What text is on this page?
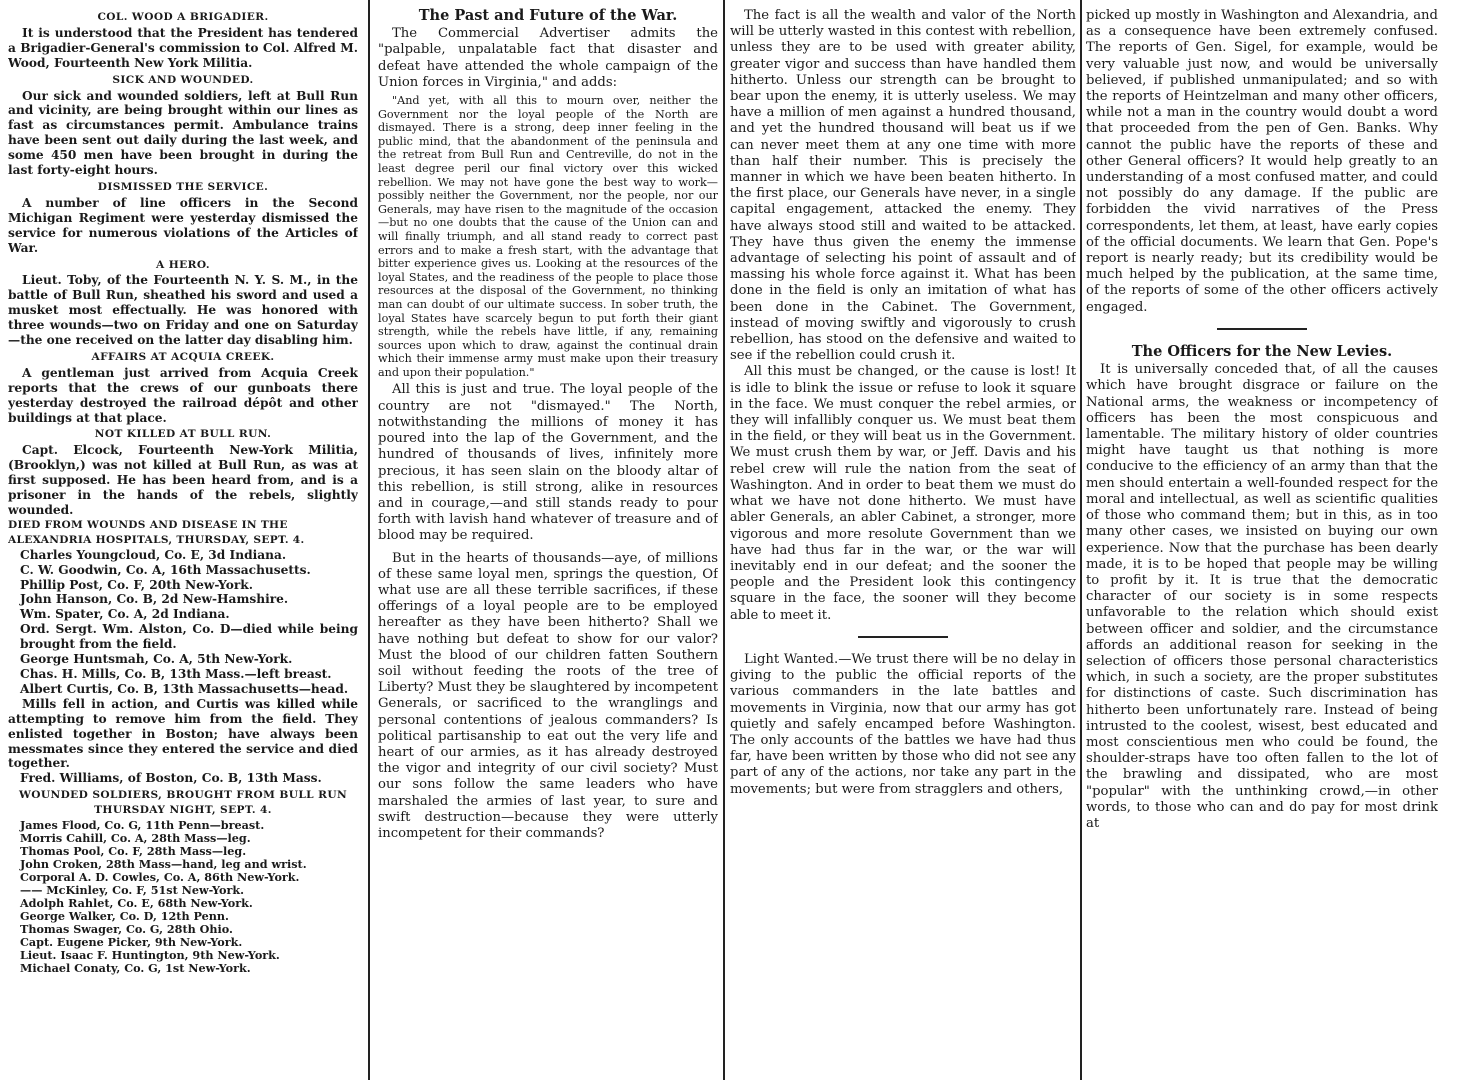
COL. WOOD A BRIGADIER.

It is understood that the President has tendered a Brigadier-General's commission to Col. Alfred M. Wood, Fourteenth New York Militia.

SICK AND WOUNDED.

Our sick and wounded soldiers, left at Bull Run and vicinity, are being brought within our lines as fast as circumstances permit. Ambulance trains have been sent out daily during the last week, and some 450 men have been brought in during the last forty-eight hours.

DISMISSED THE SERVICE.

A number of line officers in the Second Michigan Regiment were yesterday dismissed the service for numerous violations of the Articles of War.

A HERO.

Lieut. Toby, of the Fourteenth N. Y. S. M., in the battle of Bull Run, sheathed his sword and used a musket most effectually. He was honored with three wounds—two on Friday and one on Saturday—the one received on the latter day disabling him.

AFFAIRS AT ACQUIA CREEK.

A gentleman just arrived from Acquia Creek reports that the crews of our gunboats there yesterday destroyed the railroad dépôt and other buildings at that place.

NOT KILLED AT BULL RUN.

Capt. Elcock, Fourteenth New-York Militia, (Brooklyn,) was not killed at Bull Run, as was at first supposed. He has been heard from, and is a prisoner in the hands of the rebels, slightly wounded.

DIED FROM WOUNDS AND DISEASE IN THE ALEXANDRIA HOSPITALS, THURSDAY, SEPT. 4.

Charles Youngcloud, Co. E, 3d Indiana.

C. W. Goodwin, Co. A, 16th Massachusetts.

Phillip Post, Co. F, 20th New-York.

John Hanson, Co. B, 2d New-Hamshire.

Wm. Spater, Co. A, 2d Indiana.

Ord. Sergt. Wm. Alston, Co. D—died while being brought from the field.

George Huntsmah, Co. A, 5th New-York.

Chas. H. Mills, Co. B, 13th Mass.—left breast.

Albert Curtis, Co. B, 13th Massachusetts—head.

Mills fell in action, and Curtis was killed while attempting to remove him from the field. They enlisted together in Boston; have always been messmates since they entered the service and died together.

Fred. Williams, of Boston, Co. B, 13th Mass.

WOUNDED SOLDIERS, BROUGHT FROM BULL RUN THURSDAY NIGHT, SEPT. 4.

James Flood, Co. G, 11th Penn—breast.

Morris Cahill, Co. A, 28th Mass—leg.

Thomas Pool, Co. F, 28th Mass—leg.

John Croken, 28th Mass—hand, leg and wrist.

Corporal A. D. Cowles, Co. A, 86th New-York.

—— McKinley, Co. F, 51st New-York.

Adolph Rahlet, Co. E, 68th New-York.

George Walker, Co. D, 12th Penn.

Thomas Swager, Co. G, 28th Ohio.

Capt. Eugene Picker, 9th New-York.

Lieut. Isaac F. Huntington, 9th New-York.

Michael Conaty, Co. G, 1st New-York.

The Past and Future of the War.

The Commercial Advertiser admits the "palpable, unpalatable fact that disaster and defeat have attended the whole campaign of the Union forces in Virginia," and adds:

"And yet, with all this to mourn over, neither the Government nor the loyal people of the North are dismayed. There is a strong, deep inner feeling in the public mind, that the abandonment of the peninsula and the retreat from Bull Run and Centreville, do not in the least degree peril our final victory over this wicked rebellion. We may not have gone the best way to work—possibly neither the Government, nor the people, nor our Generals, may have risen to the magnitude of the occasion—but no one doubts that the cause of the Union can and will finally triumph, and all stand ready to correct past errors and to make a fresh start, with the advantage that bitter experience gives us. Looking at the resources of the loyal States, and the readiness of the people to place those resources at the disposal of the Government, no thinking man can doubt of our ultimate success. In sober truth, the loyal States have scarcely begun to put forth their giant strength, while the rebels have little, if any, remaining sources upon which to draw, against the continual drain which their immense army must make upon their treasury and upon their population."

All this is just and true. The loyal people of the country are not "dismayed." The North, notwithstanding the millions of money it has poured into the lap of the Government, and the hundred of thousands of lives, infinitely more precious, it has seen slain on the bloody altar of this rebellion, is still strong, alike in resources and in courage,—and still stands ready to pour forth with lavish hand whatever of treasure and of blood may be required.

But in the hearts of thousands—aye, of millions of these same loyal men, springs the question, Of what use are all these terrible sacrifices, if these offerings of a loyal people are to be employed hereafter as they have been hitherto? Shall we have nothing but defeat to show for our valor? Must the blood of our children fatten Southern soil without feeding the roots of the tree of Liberty? Must they be slaughtered by incompetent Generals, or sacrificed to the wranglings and personal contentions of jealous commanders? Is political partisanship to eat out the very life and heart of our armies, as it has already destroyed the vigor and integrity of our civil society? Must our sons follow the same leaders who have marshaled the armies of last year, to sure and swift destruction—because they were utterly incompetent for their commands?

The fact is all the wealth and valor of the North will be utterly wasted in this contest with rebellion, unless they are to be used with greater ability, greater vigor and success than have handled them hitherto. Unless our strength can be brought to bear upon the enemy, it is utterly useless. We may have a million of men against a hundred thousand, and yet the hundred thousand will beat us if we can never meet them at any one time with more than half their number. This is precisely the manner in which we have been beaten hitherto. In the first place, our Generals have never, in a single capital engagement, attacked the enemy. They have always stood still and waited to be attacked. They have thus given the enemy the immense advantage of selecting his point of assault and of massing his whole force against it. What has been done in the field is only an imitation of what has been done in the Cabinet. The Government, instead of moving swiftly and vigorously to crush rebellion, has stood on the defensive and waited to see if the rebellion could crush it.

All this must be changed, or the cause is lost! It is idle to blink the issue or refuse to look it square in the face. We must conquer the rebel armies, or they will infallibly conquer us. We must beat them in the field, or they will beat us in the Government. We must crush them by war, or Jeff. Davis and his rebel crew will rule the nation from the seat of Washington. And in order to beat them we must do what we have not done hitherto. We must have abler Generals, an abler Cabinet, a stronger, more vigorous and more resolute Government than we have had thus far in the war, or the war will inevitably end in our defeat; and the sooner the people and the President look this contingency square in the face, the sooner will they become able to meet it.

Light Wanted.—We trust there will be no delay in giving to the public the official reports of the various commanders in the late battles and movements in Virginia, now that our army has got quietly and safely encamped before Washington. The only accounts of the battles we have had thus far, have been written by those who did not see any part of any of the actions, nor take any part in the movements; but were from stragglers and others,

picked up mostly in Washington and Alexandria, and as a consequence have been extremely confused. The reports of Gen. Sigel, for example, would be very valuable just now, and would be universally believed, if published unmanipulated; and so with the reports of Heintzelman and many other officers, while not a man in the country would doubt a word that proceeded from the pen of Gen. Banks. Why cannot the public have the reports of these and other General officers? It would help greatly to an understanding of a most confused matter, and could not possibly do any damage. If the public are forbidden the vivid narratives of the Press correspondents, let them, at least, have early copies of the official documents. We learn that Gen. Pope's report is nearly ready; but its credibility would be much helped by the publication, at the same time, of the reports of some of the other officers actively engaged.

The Officers for the New Levies.

It is universally conceded that, of all the causes which have brought disgrace or failure on the National arms, the weakness or incompetency of officers has been the most conspicuous and lamentable. The military history of older countries might have taught us that nothing is more conducive to the efficiency of an army than that the men should entertain a well-founded respect for the moral and intellectual, as well as scientific qualities of those who command them; but in this, as in too many other cases, we insisted on buying our own experience. Now that the purchase has been dearly made, it is to be hoped that people may be willing to profit by it. It is true that the democratic character of our society is in some respects unfavorable to the relation which should exist between officer and soldier, and the circumstance affords an additional reason for seeking in the selection of officers those personal characteristics which, in such a society, are the proper substitutes for distinctions of caste. Such discrimination has hitherto been unfortunately rare. Instead of being intrusted to the coolest, wisest, best educated and most conscientious men who could be found, the shoulder-straps have too often fallen to the lot of the brawling and dissipated, who are most "popular" with the unthinking crowd,—in other words, to those who can and do pay for most drink at
